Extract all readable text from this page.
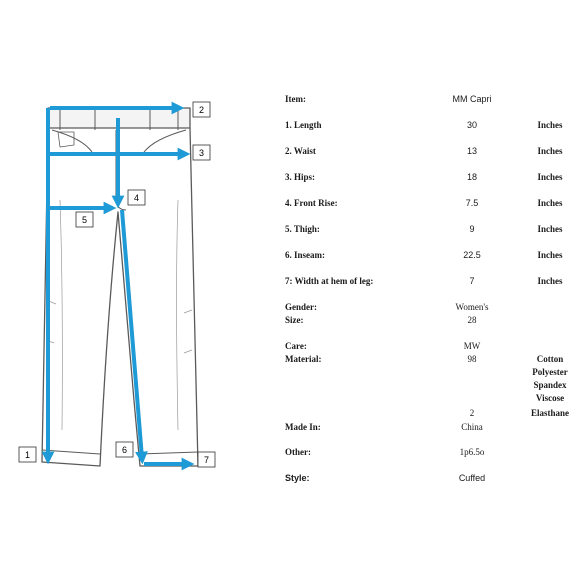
1
2
3
4
5
6
7
Item:	MM Capri
1. Length	30	Inches
2. Waist	13	Inches
3. Hips:	18	Inches
4. Front Rise:	7.5	Inches
5. Thigh:	9	Inches
6. Inseam:	22.5	Inches
7: Width at hem of leg:	7	Inches
Gender:	Women's
Size:	28
Care:	MW
Material:	98	Cotton
Polyester
Spandex
Viscose
2	Elasthane
Made In:	China
Other:	1p6.5o
Style:	Cuffed
